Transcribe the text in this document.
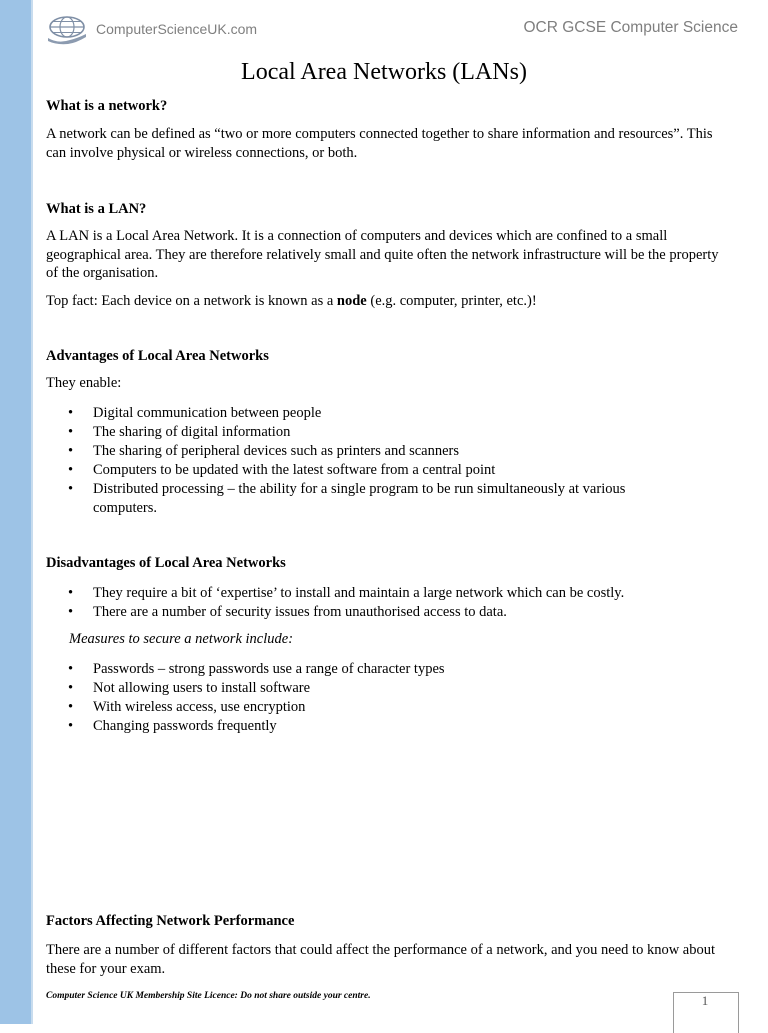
ComputerScienceUK.com	OCR GCSE Computer Science
Local Area Networks (LANs)
What is a network?
A network can be defined as “two or more computers connected together to share information and resources”. This can involve physical or wireless connections, or both.
What is a LAN?
A LAN is a Local Area Network. It is a connection of computers and devices which are confined to a small geographical area. They are therefore relatively small and quite often the network infrastructure will be the property of the organisation.
Top fact: Each device on a network is known as a node (e.g. computer, printer, etc.)!
Advantages of Local Area Networks
They enable:
• Digital communication between people
• The sharing of digital information
• The sharing of peripheral devices such as printers and scanners
• Computers to be updated with the latest software from a central point
• Distributed processing – the ability for a single program to be run simultaneously at various computers.
Disadvantages of Local Area Networks
• They require a bit of ‘expertise’ to install and maintain a large network which can be costly.
• There are a number of security issues from unauthorised access to data.
Measures to secure a network include:
• Passwords – strong passwords use a range of character types
• Not allowing users to install software
• With wireless access, use encryption
• Changing passwords frequently
Factors Affecting Network Performance
There are a number of different factors that could affect the performance of a network, and you need to know about these for your exam.
Computer Science UK Membership Site Licence: Do not share outside your centre.	1
